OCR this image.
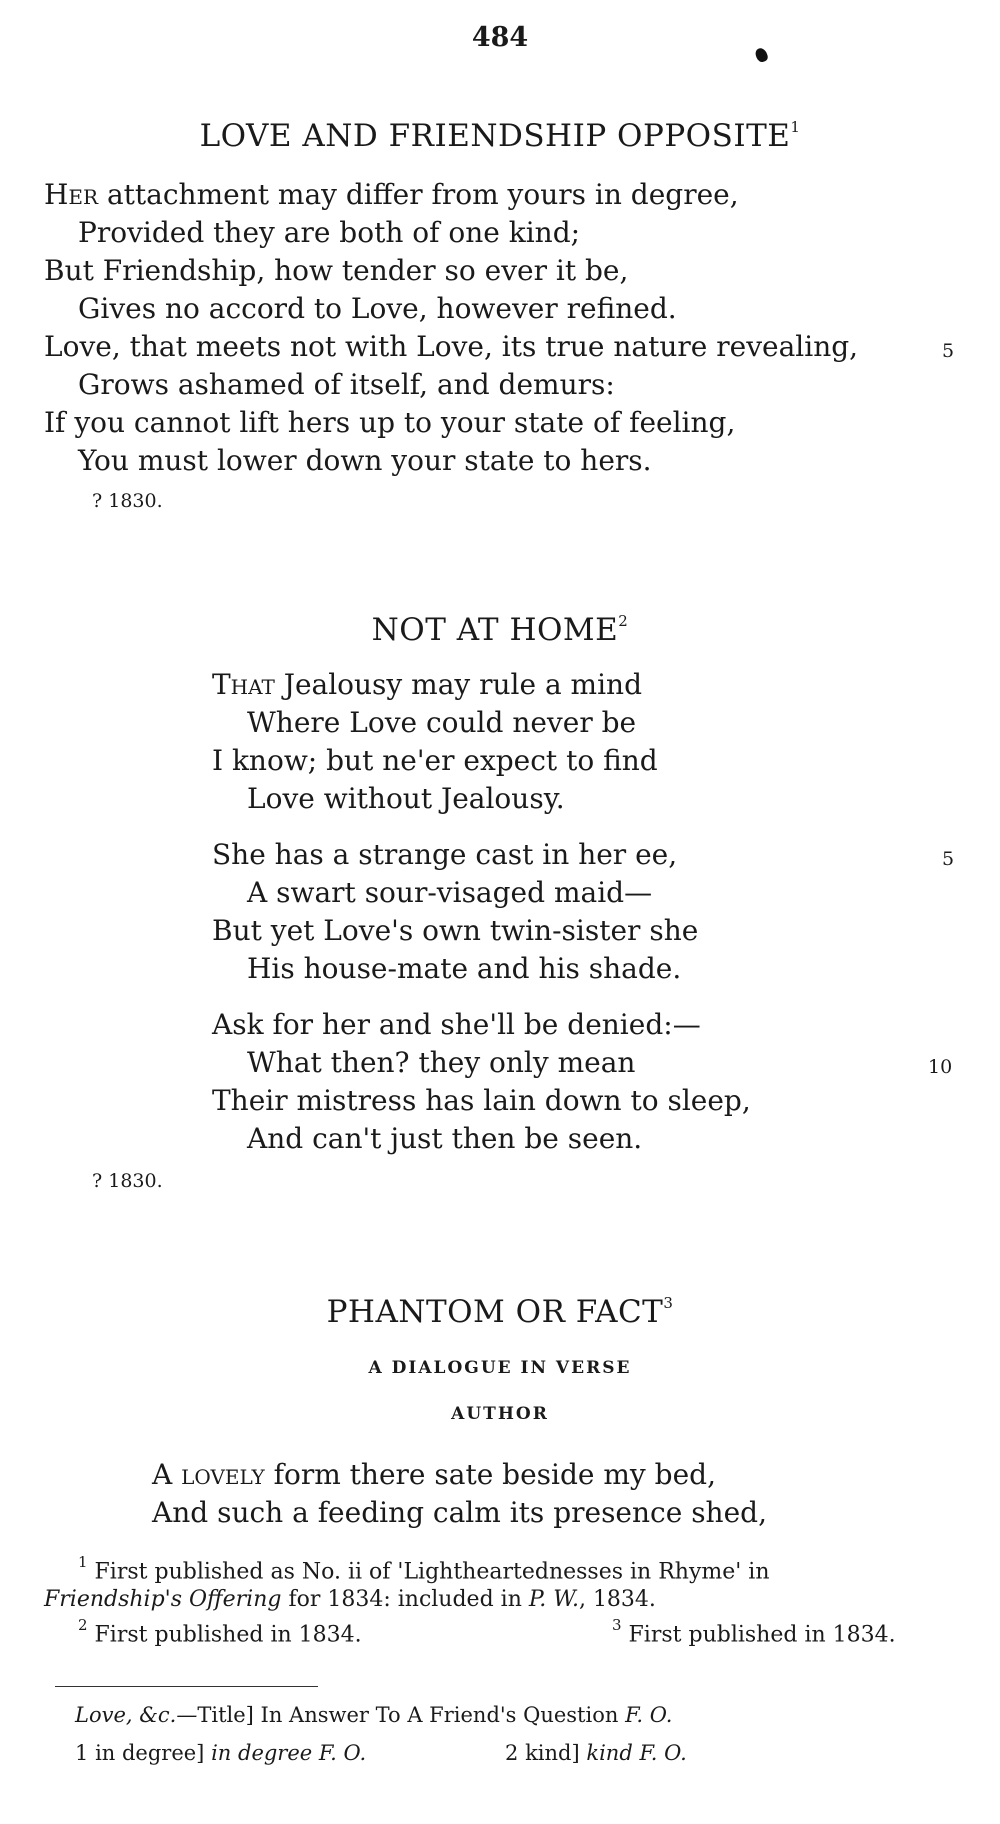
484
LOVE AND FRIENDSHIP OPPOSITE$^1$
Her attachment may differ from yours in degree,
Provided they are both of one kind;
But Friendship, how tender so ever it be,
Gives no accord to Love, however refined.
Love, that meets not with Love, its true nature revealing,	5
Grows ashamed of itself, and demurs:
If you cannot lift hers up to your state of feeling,
You must lower down your state to hers.
? 1830.
NOT AT HOME$^2$
That Jealousy may rule a mind
Where Love could never be
I know; but ne'er expect to find
Love without Jealousy.
She has a strange cast in her ee,	5
A swart sour-visaged maid—
But yet Love's own twin-sister she
His house-mate and his shade.
Ask for her and she'll be denied:—
What then? they only mean	10
Their mistress has lain down to sleep,
And can't just then be seen.
? 1830.
PHANTOM OR FACT$^3$
A DIALOGUE IN VERSE
AUTHOR
A lovely form there sate beside my bed,
And such a feeding calm its presence shed,
$^1$ First published as No. ii of 'Lightheartednesses in Rhyme' in
Friendship's Offering for 1834: included in P. W., 1834.
$^2$ First published in 1834.	$^3$ First published in 1834.
Love, &c.—Title] In Answer To A Friend's Question F. O.
1 in degree] in degree F. O.	2 kind] kind F. O.
